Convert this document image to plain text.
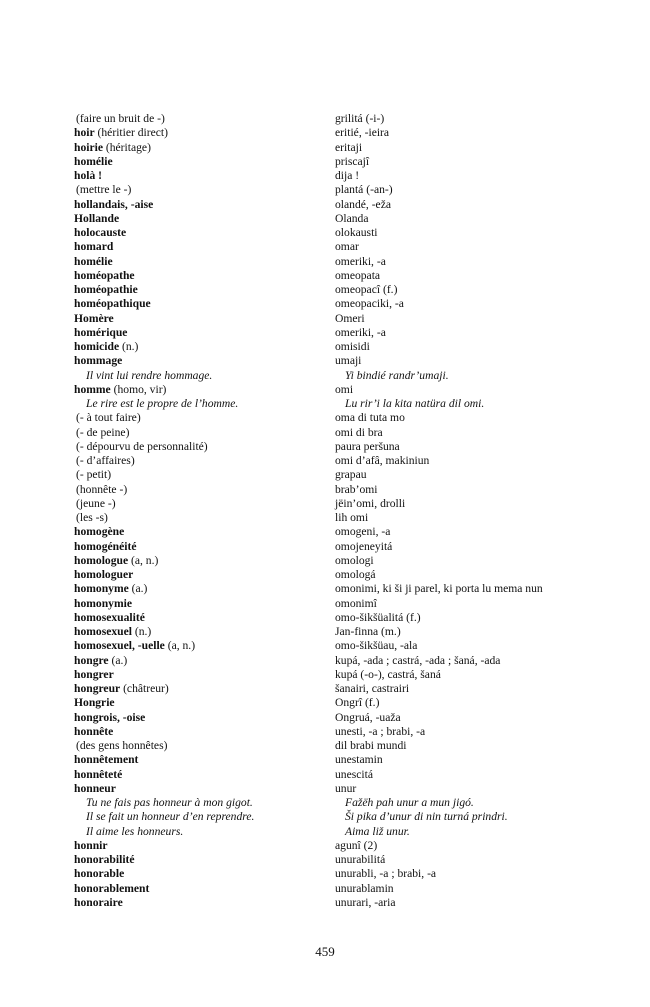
(faire un bruit de -)	grilitá (-i-)
hoir (héritier direct)	eritié, -ieira
hoirie (héritage)	eritaji
homélie	priscajî
holà !	dija !
(mettre le -)	plantá (-an-)
hollandais, -aise	olandé, -eža
Hollande	Olanda
holocauste	olokausti
homard	omar
homélie	omeriki, -a
homéopathe	omeopata
homéopathie	omeopacî (f.)
homéopathique	omeopaciki, -a
Homère	Omeri
homérique	omeriki, -a
homicide (n.)	omisidi
hommage	umaji
Il vint lui rendre hommage.	Yi bindié randr’umaji.
homme (homo, vir)	omi
Le rire est le propre de l’homme.	Lu rir’i la kita natüra dil omi.
(- à tout faire)	oma di tuta mo
(- de peine)	omi di bra
(- dépourvu de personnalité)	paura peršuna
(- d’affaires)	omi d’afâ, makiniun
(- petit)	grapau
(honnête -)	brab’omi
(jeune -)	jëin’omi, drolli
(les -s)	lih omi
homogène	omogeni, -a
homogénéité	omojeneyitá
homologue (a, n.)	omologi
homologuer	omologá
homonyme (a.)	omonimi, ki ši ji parel, ki porta lu mema nun
homonymie	omonimî
homosexualité	omo-šikšüalitá (f.)
homosexuel (n.)	Jan-finna (m.)
homosexuel, -uelle (a, n.)	omo-šikšüau, -ala
hongre (a.)	kupá, -ada ; castrá, -ada ; šaná, -ada
hongrer	kupá (-o-), castrá, šaná
hongreur (châtreur)	šanairi, castrairi
Hongrie	Ongrî (f.)
hongrois, -oise	Ongruá, -uaža
honnête	unesti, -a ; brabi, -a
(des gens honnêtes)	dil brabi mundi
honnêtement	unestamin
honnêteté	unescitá
honneur	unur
Tu ne fais pas honneur à mon gigot.	Fažëh pah unur a mun jigó.
Il se fait un honneur d’en reprendre.	Ši pika d’unur di nin turná prindri.
Il aime les honneurs.	Aima liž unur.
honnir	agunî (2)
honorabilité	unurabilitá
honorable	unurabli, -a ; brabi, -a
honorablement	unurablamin
honoraire	unurari, -aria
459
